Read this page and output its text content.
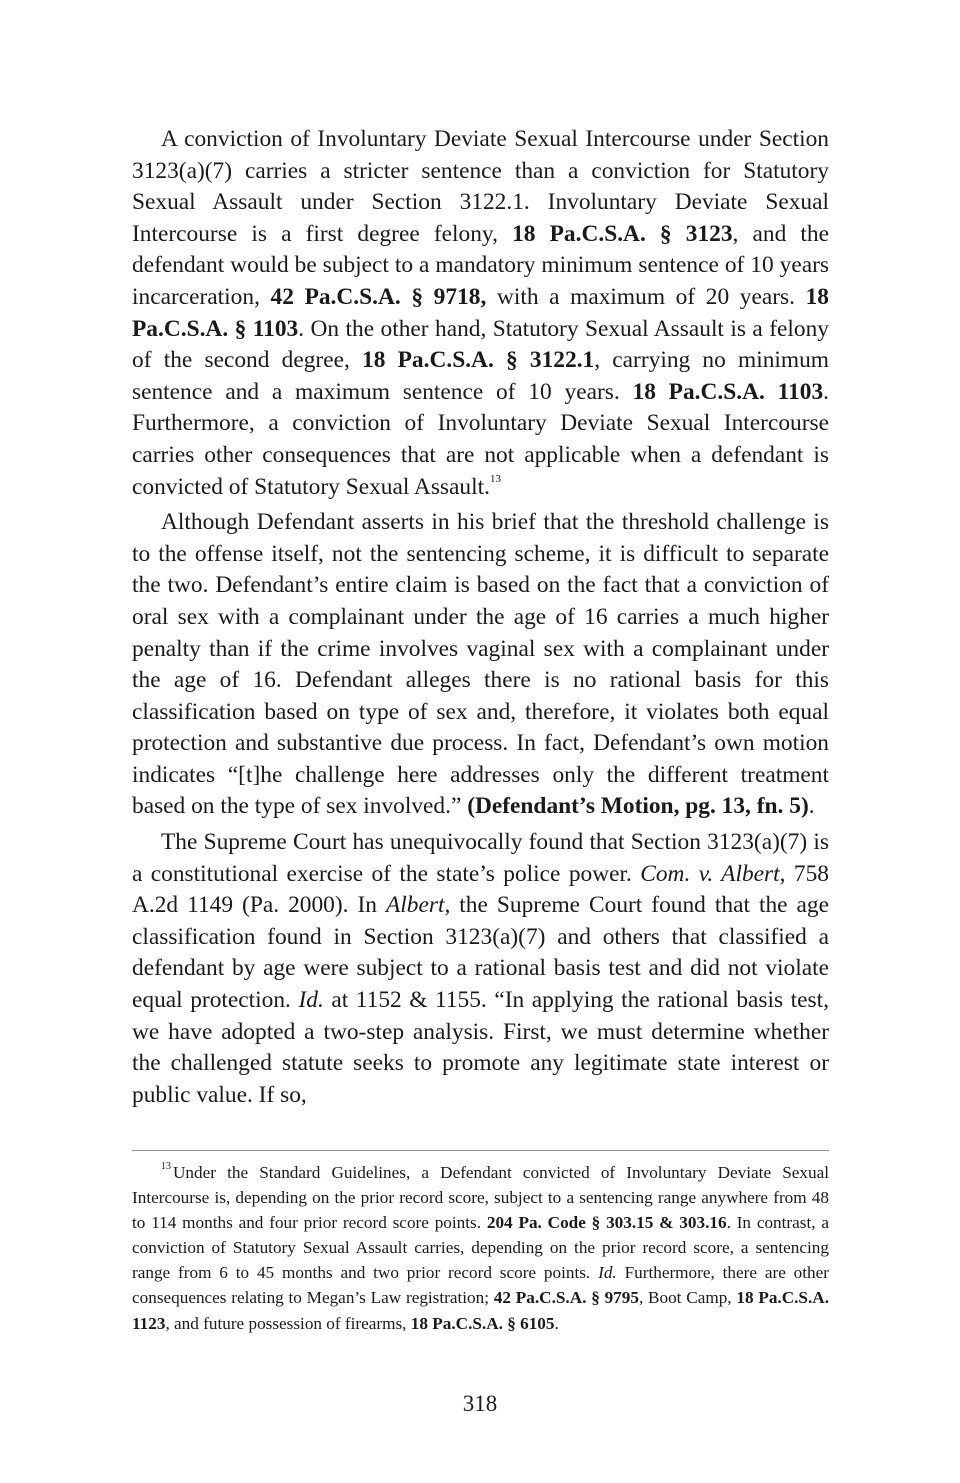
A conviction of Involuntary Deviate Sexual Intercourse under Section 3123(a)(7) carries a stricter sentence than a conviction for Statutory Sexual Assault under Section 3122.1. Involuntary Deviate Sexual Intercourse is a first degree felony, 18 Pa.C.S.A. § 3123, and the defendant would be subject to a mandatory minimum sentence of 10 years incarceration, 42 Pa.C.S.A. § 9718, with a maximum of 20 years. 18 Pa.C.S.A. § 1103. On the other hand, Statutory Sexual Assault is a felony of the second degree, 18 Pa.C.S.A. § 3122.1, carrying no minimum sentence and a maximum sentence of 10 years. 18 Pa.C.S.A. 1103. Furthermore, a conviction of Involuntary Deviate Sexual Intercourse carries other consequences that are not applicable when a defendant is convicted of Statutory Sexual Assault.$^{13}$

Although Defendant asserts in his brief that the threshold challenge is to the offense itself, not the sentencing scheme, it is difficult to separate the two. Defendant’s entire claim is based on the fact that a conviction of oral sex with a complainant under the age of 16 carries a much higher penalty than if the crime involves vaginal sex with a complainant under the age of 16. Defendant alleges there is no rational basis for this classification based on type of sex and, therefore, it violates both equal protection and substantive due process. In fact, Defendant’s own motion indicates “[t]he challenge here addresses only the different treatment based on the type of sex involved.” (Defendant’s Motion, pg. 13, fn. 5).

The Supreme Court has unequivocally found that Section 3123(a)(7) is a constitutional exercise of the state’s police power. Com. v. Albert, 758 A.2d 1149 (Pa. 2000). In Albert, the Supreme Court found that the age classification found in Section 3123(a)(7) and others that classified a defendant by age were subject to a rational basis test and did not violate equal protection. Id. at 1152 & 1155. “In applying the rational basis test, we have adopted a two-step analysis. First, we must determine whether the challenged statute seeks to promote any legitimate state interest or public value. If so,

$^{13}$ Under the Standard Guidelines, a Defendant convicted of Involuntary Deviate Sexual Intercourse is, depending on the prior record score, subject to a sentencing range anywhere from 48 to 114 months and four prior record score points. 204 Pa. Code § 303.15 & 303.16. In contrast, a conviction of Statutory Sexual Assault carries, depending on the prior record score, a sentencing range from 6 to 45 months and two prior record score points. Id. Furthermore, there are other consequences relating to Megan’s Law registration; 42 Pa.C.S.A. § 9795, Boot Camp, 18 Pa.C.S.A. 1123, and future possession of firearms, 18 Pa.C.S.A. § 6105.

318
